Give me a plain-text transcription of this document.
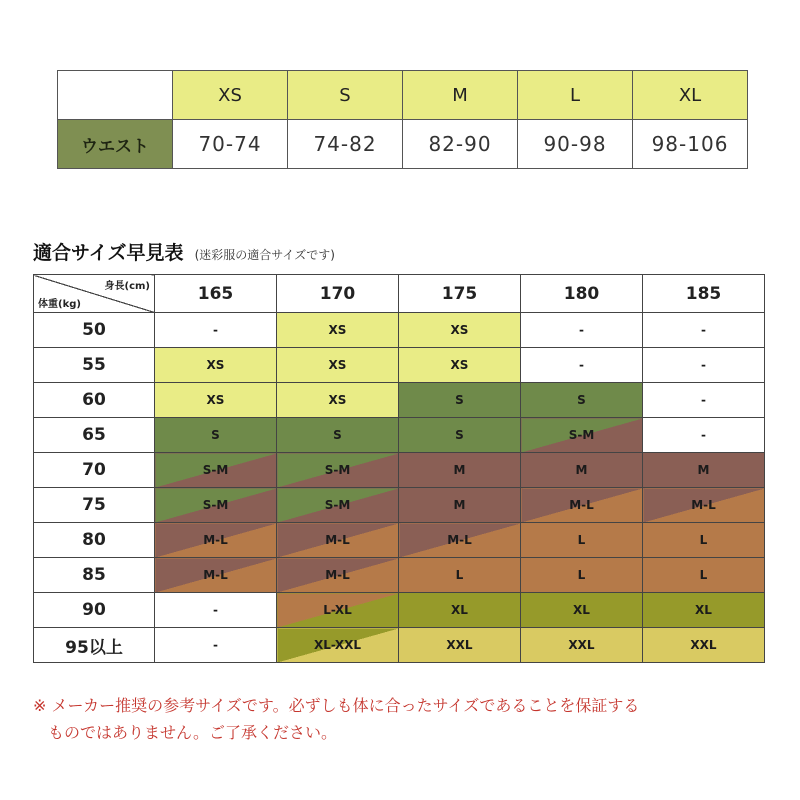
	XS	S	M	L	XL
ウエスト	70-74	74-82	82-90	90-98	98-106
適合サイズ早見表 (迷彩服の適合サイズです)
身長(cm)
体重(kg)	165	170	175	180	185
50	-	XS	XS	-	-
55	XS	XS	XS	-	-
60	XS	XS	S	S	-
65	S	S	S	S-M	-
70	S-M	S-M	M	M	M
75	S-M	S-M	M	M-L	M-L
80	M-L	M-L	M-L	L	L
85	M-L	M-L	L	L	L
90	-	L-XL	XL	XL	XL
95以上	-	XL-XXL	XXL	XXL	XXL
※ メーカー推奨の参考サイズです。必ずしも体に合ったサイズであることを保証する
ものではありません。ご了承ください。
